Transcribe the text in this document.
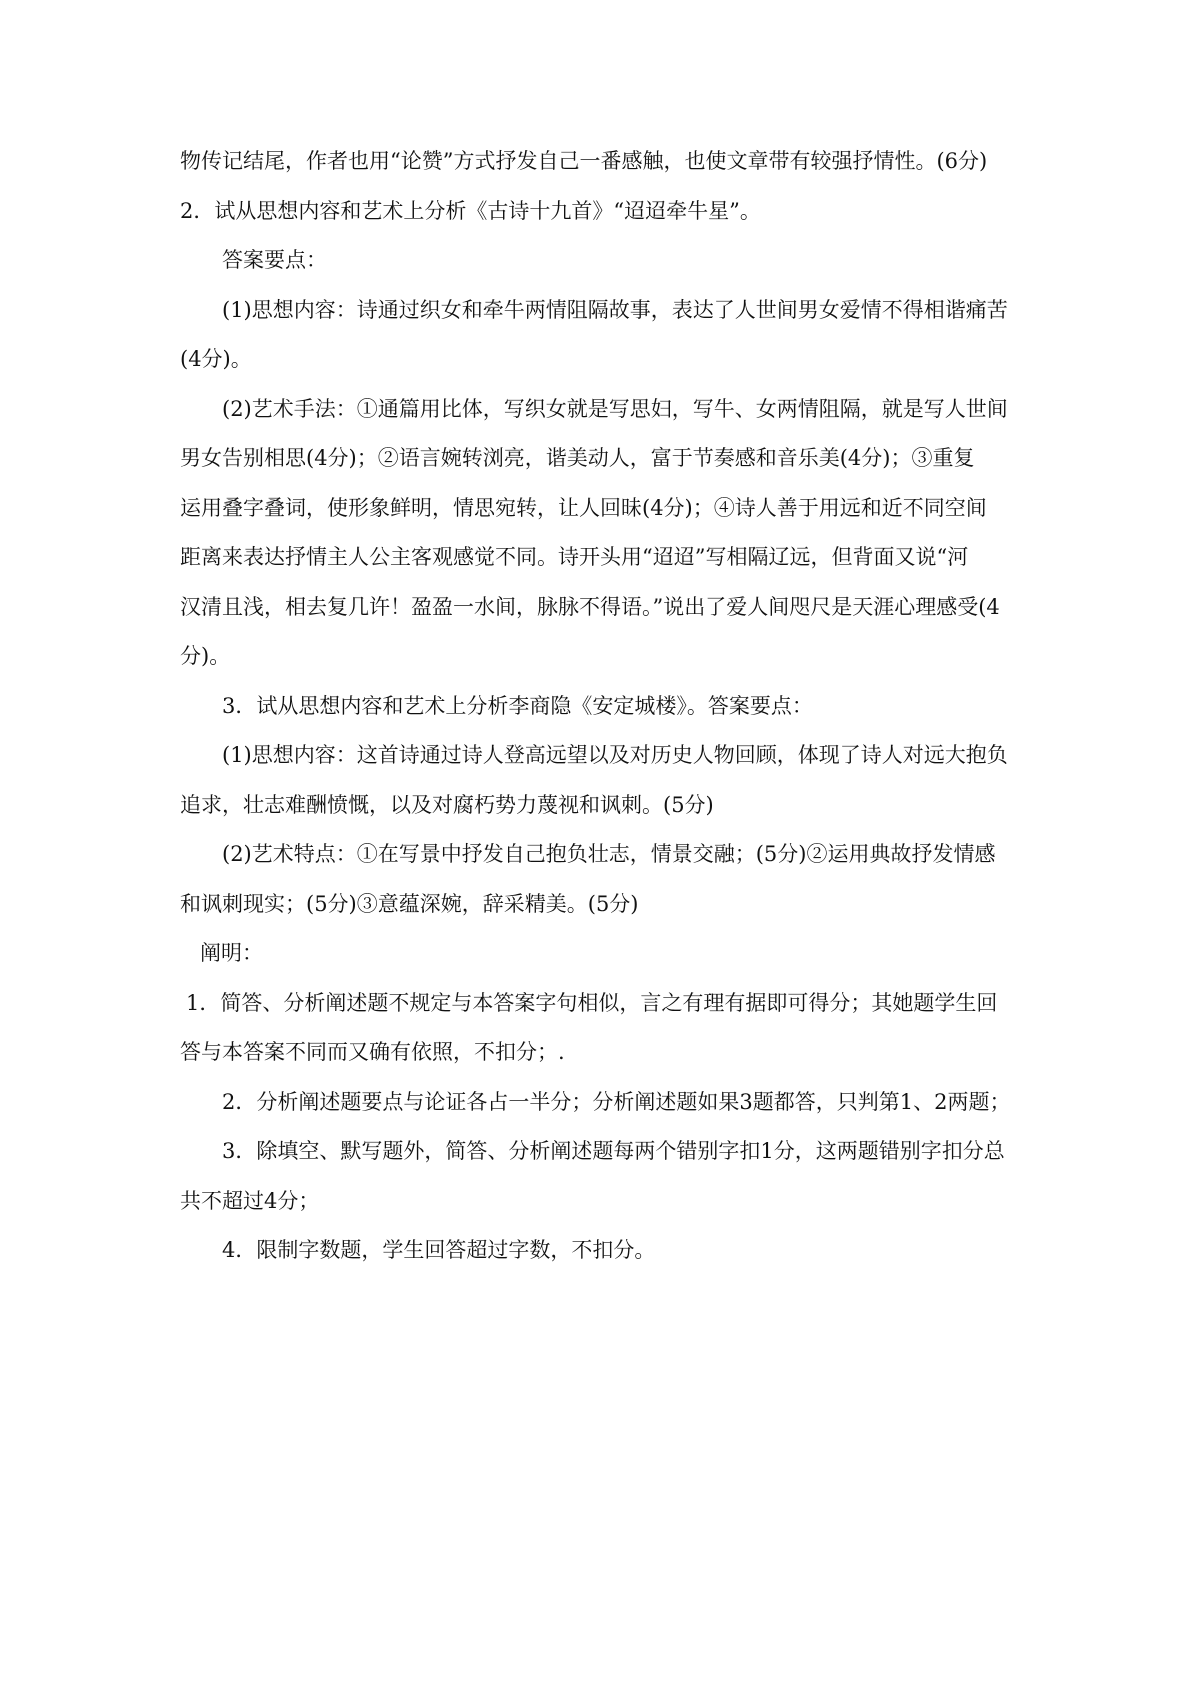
物传记结尾，作者也用“论赞”方式抒发自己一番感触，也使文章带有较强抒情性。(6分)
2．试从思想内容和艺术上分析《古诗十九首》“迢迢牵牛星”。
答案要点：
(1)思想内容：诗通过织女和牵牛两情阻隔故事，表达了人世间男女爱情不得相谐痛苦
(4分)。
(2)艺术手法：①通篇用比体，写织女就是写思妇，写牛、女两情阻隔，就是写人世间
男女告别相思(4分)；②语言婉转浏亮，谐美动人，富于节奏感和音乐美(4分)；③重复
运用叠字叠词，使形象鲜明，情思宛转，让人回昧(4分)；④诗人善于用远和近不同空间
距离来表达抒情主人公主客观感觉不同。诗开头用“迢迢”写相隔辽远，但背面又说“河
汉清且浅，相去复几许！盈盈一水间，脉脉不得语。”说出了爱人间咫尺是天涯心理感受(4
分)。
3．试从思想内容和艺术上分析李商隐《安定城楼》。答案要点：
(1)思想内容：这首诗通过诗人登高远望以及对历史人物回顾，体现了诗人对远大抱负
追求，壮志难酬愤慨，以及对腐朽势力蔑视和讽刺。(5分)
(2)艺术特点：①在写景中抒发自己抱负壮志，情景交融；(5分)②运用典故抒发情感
和讽刺现实；(5分)③意蕴深婉，辞采精美。(5分)
阐明：
1．简答、分析阐述题不规定与本答案字句相似，言之有理有据即可得分；其她题学生回
答与本答案不同而又确有依照，不扣分；.
2．分析阐述题要点与论证各占一半分；分析阐述题如果3题都答，只判第1、2两题；
3．除填空、默写题外，简答、分析阐述题每两个错别字扣1分，这两题错别字扣分总
共不超过4分；
4．限制字数题，学生回答超过字数，不扣分。
